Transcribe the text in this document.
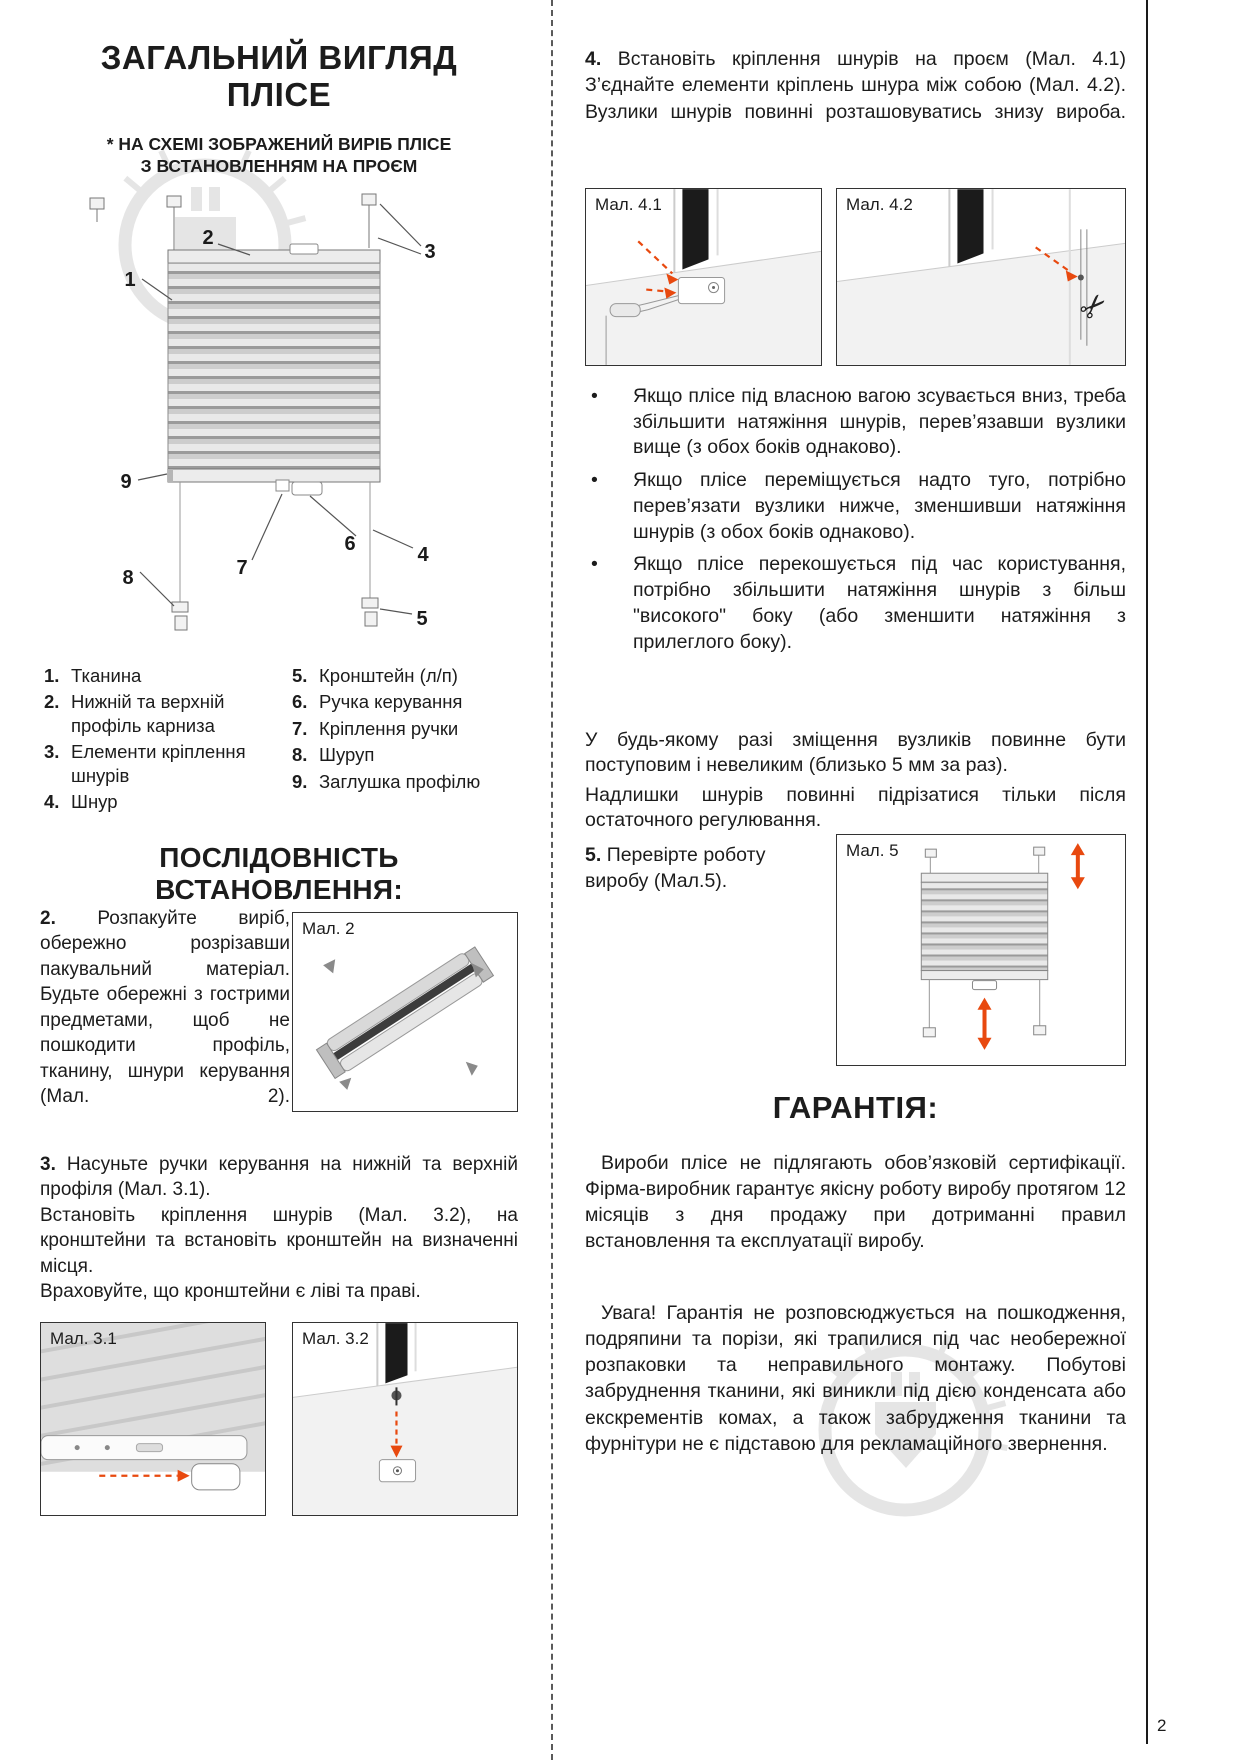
2
ЗАГАЛЬНИЙ ВИГЛЯД
ПЛІСЕ
* НА СХЕМІ ЗОБРАЖЕНИЙ ВИРІБ ПЛІСЕ
З ВСТАНОВЛЕННЯМ НА ПРОЄМ
1
2
3
4
5
6
7
8
9
1. Тканина
2. Нижній та верхній профіль карниза
3. Елементи кріплення шнурів
4. Шнур
5. Кронштейн (л/п)
6. Ручка керування
7. Кріплення ручки
8. Шуруп
9. Заглушка профілю
ПОСЛІДОВНІСТЬ ВСТАНОВЛЕННЯ:
2. Розпакуйте виріб, обережно розрізавши пакувальний матеріал. Будьте обережні з гострими предметами, щоб не пошкодити профіль, тканину, шнури керування (Мал. 2).
Мал. 2
3. Насуньте ручки керування на нижній та верхній профіля (Мал. 3.1).
Встановіть кріплення шнурів (Мал. 3.2), на кронштейни та встановіть кронштейн на визначенні місця.
Враховуйте, що кронштейни є ліві та праві.
Мал. 3.1	Мал. 3.2
4. Встановіть кріплення шнурів на проєм (Мал. 4.1) З’єднайте елементи кріплень шнура між собою (Мал. 4.2). Вузлики шнурів повинні розташовуватись знизу вироба.
Мал. 4.1
✂
Мал. 4.2
•	Якщо плісе під власною вагою зсувається вниз, треба збільшити натяжіння шнурів, перев’язавши вузлики вище (з обох боків однаково).
•	Якщо плісе переміщується надто туго, потрібно перев’язати вузлики нижче, зменшивши натяжіння шнурів (з обох боків однаково).
•	Якщо плісе перекошується під час користування, потрібно збільшити натяжіння шнурів з більш "високого" боку (або зменшити натяжіння з прилеглого боку).

У будь-якому разі зміщення вузликів повинне бути поступовим і невеликим (близько 5 мм за раз).

Надлишки шнурів повинні підрізатися тільки після остаточного регулювання.

5. Перевірте роботу виробу (Мал.5).
Мал. 5
ГАРАНТІЯ:
Вироби плісе не підлягають обов’язковій сертифікації. Фірма-виробник гарантує якісну роботу виробу протягом 12 місяців з дня продажу при дотриманні правил встановлення та експлуатації виробу.
Увага! Гарантія не розповсюджується на пошкодження, подряпини та порізи, які трапилися під час необережної розпаковки та неправильного монтажу. Побутові забруднення тканини, які виникли під дією конденсата або екскрементів комах, а також забрудження тканини та фурнітури не є підставою для рекламаційного звернення.
